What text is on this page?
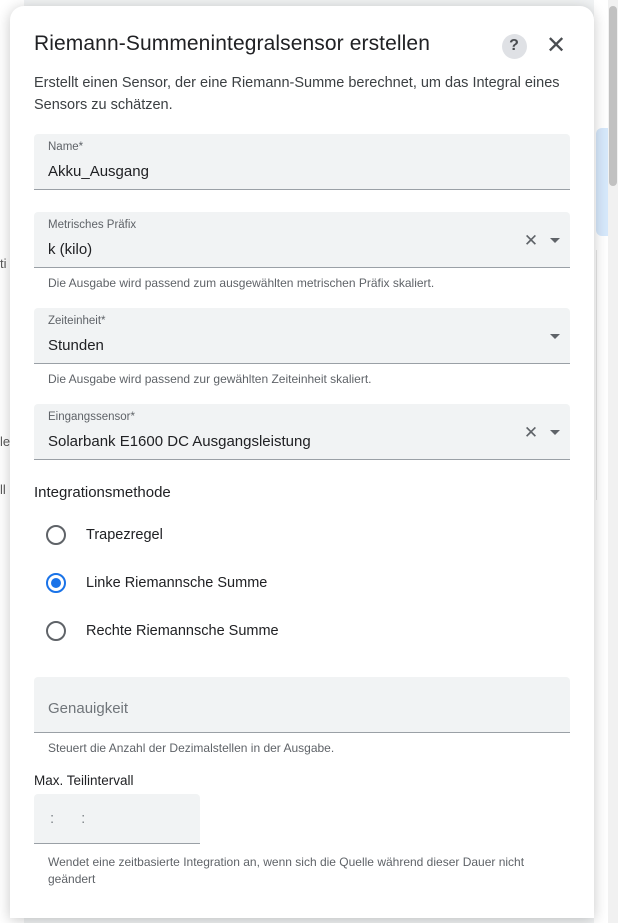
ti
le
ll
Riemann-Summenintegralsensor erstellen	?	✕
Erstellt einen Sensor, der eine Riemann-Summe berechnet, um das Integral eines Sensors zu schätzen.
Name*
Akku_Ausgang
Metrisches Präfix
k (kilo)	✕
Die Ausgabe wird passend zum ausgewählten metrischen Präfix skaliert.
Zeiteinheit*
Stunden
Die Ausgabe wird passend zur gewählten Zeiteinheit skaliert.
Eingangssensor*
Solarbank E1600 DC Ausgangsleistung	✕
Integrationsmethode
Trapezregel
Linke Riemannsche Summe
Rechte Riemannsche Summe
Genauigkeit
Steuert die Anzahl der Dezimalstellen in der Ausgabe.
Max. Teilintervall
: :
Wendet eine zeitbasierte Integration an, wenn sich die Quelle während dieser Dauer nicht geändert
